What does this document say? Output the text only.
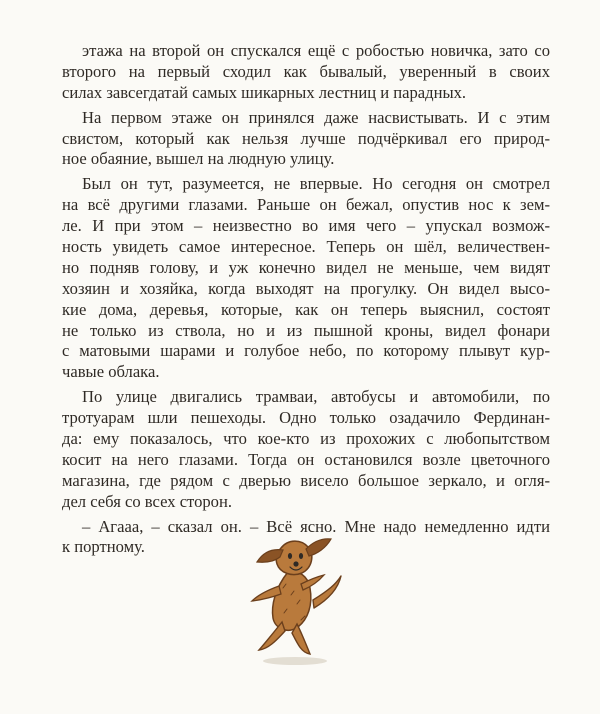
этажа на второй он спускался ещё с робостью новичка, зато со
второго на первый сходил как бывалый, уверенный в своих
силах завсегдатай самых шикарных лестниц и парадных.
На первом этаже он принялся даже насвистывать. И с этим
свистом, который как нельзя лучше подчёркивал его природ-
ное обаяние, вышел на людную улицу.
Был он тут, разумеется, не впервые. Но сегодня он смотрел
на всё другими глазами. Раньше он бежал, опустив нос к зем-
ле. И при этом – неизвестно во имя чего – упускал возмож-
ность увидеть самое интересное. Теперь он шёл, величествен-
но подняв голову, и уж конечно видел не меньше, чем видят
хозяин и хозяйка, когда выходят на прогулку. Он видел высо-
кие дома, деревья, которые, как он теперь выяснил, состоят
не только из ствола, но и из пышной кроны, видел фонари
с матовыми шарами и голубое небо, по которому плывут кур-
чавые облака.
По улице двигались трамваи, автобусы и автомобили, по
тротуарам шли пешеходы. Одно только озадачило Фердинан-
да: ему показалось, что кое-кто из прохожих с любопытством
косит на него глазами. Тогда он остановился возле цветочного
магазина, где рядом с дверью висело большое зеркало, и огля-
дел себя со всех сторон.
– Агааа, – сказал он. – Всё ясно. Мне надо немедленно идти
к портному.
